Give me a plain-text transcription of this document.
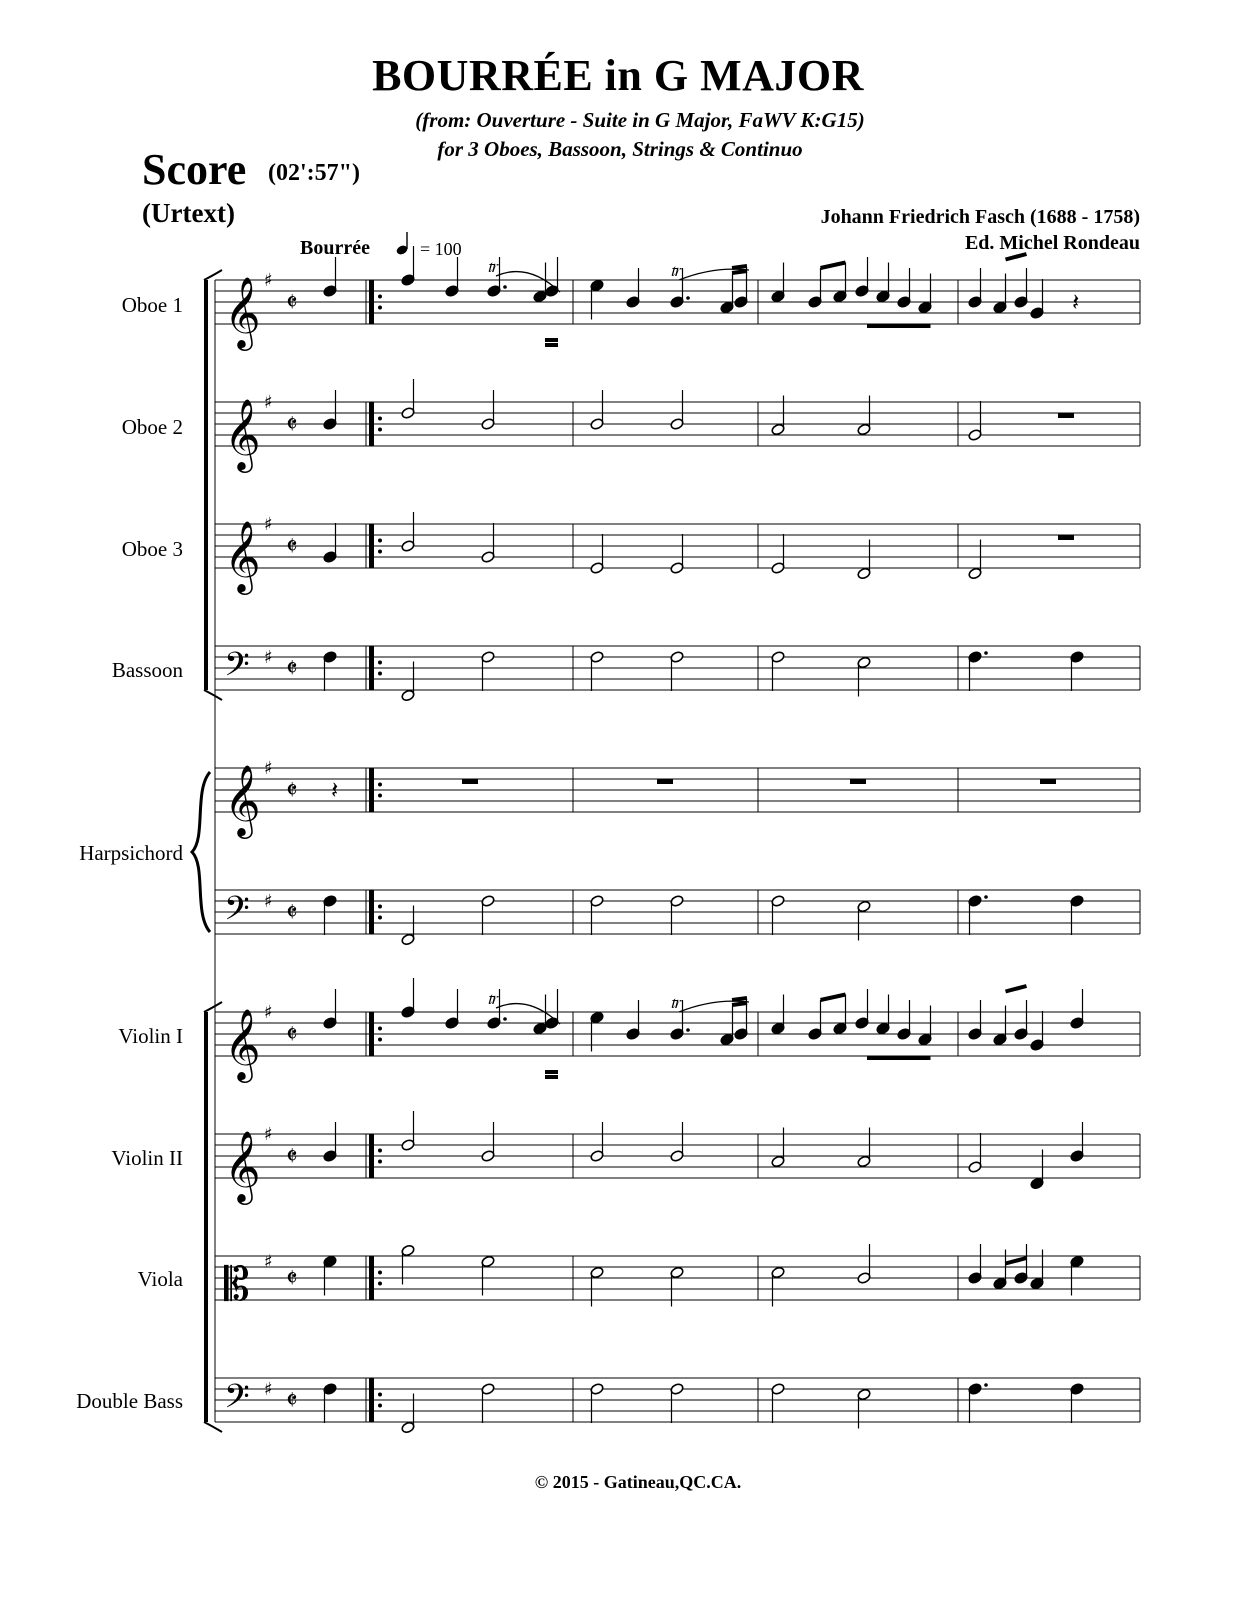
BOURRÉE in G MAJOR
(from: Ouverture - Suite in G Major, FaWV K:G15)
for 3 Oboes, Bassoon, Strings & Continuo
Score (02':57")
(Urtext)	Johann Friedrich Fasch (1688 - 1758)
Ed. Michel Rondeau
Bourrée	= 100
Oboe 1
Oboe 2
Oboe 3
Bassoon
Harpsichord
Violin I
Violin II
Viola
Double Bass
© 2015 - Gatineau,QC.CA.
𝄞 ♯
𝄵
𝆖	𝆖
𝄽
𝄞 ♯
𝄵
𝄞 ♯
𝄵
𝄢 ♯ 𝄵
𝄞 ♯
𝄵 𝄽
𝄢 ♯ 𝄵
𝄞 ♯
𝄵
𝆖	𝆖
𝄞 ♯
𝄵
𝄡 ♯
𝄵
𝄢 ♯ 𝄵
